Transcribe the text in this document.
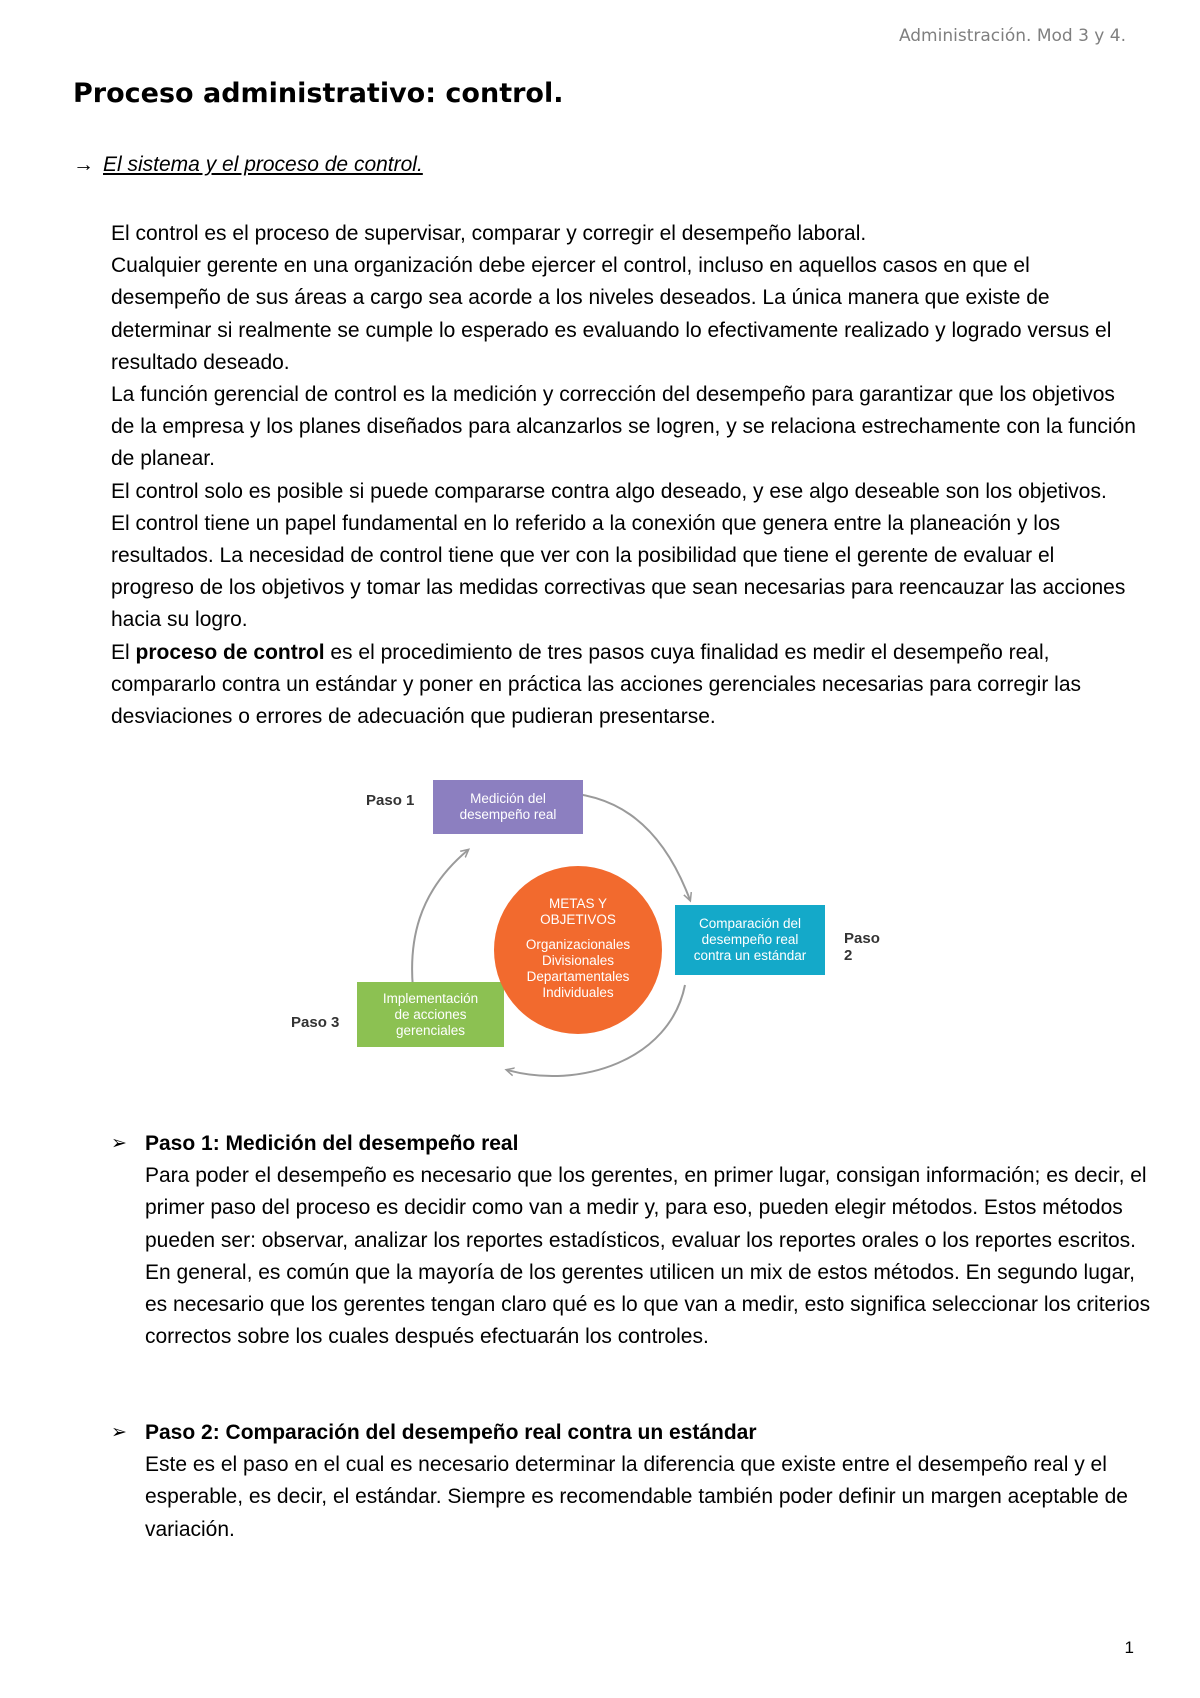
Administración. Mod 3 y 4.
Proceso administrativo: control.
→ El sistema y el proceso de control.

El control es el proceso de supervisar, comparar y corregir el desempeño laboral.

Cualquier gerente en una organización debe ejercer el control, incluso en aquellos casos en que el desempeño de sus áreas a cargo sea acorde a los niveles deseados. La única manera que existe de determinar si realmente se cumple lo esperado es evaluando lo efectivamente realizado y logrado versus el resultado deseado.

La función gerencial de control es la medición y corrección del desempeño para garantizar que los objetivos de la empresa y los planes diseñados para alcanzarlos se logren, y se relaciona estrechamente con la función de planear.

El control solo es posible si puede compararse contra algo deseado, y ese algo deseable son los objetivos.

El control tiene un papel fundamental en lo referido a la conexión que genera entre la planeación y los resultados. La necesidad de control tiene que ver con la posibilidad que tiene el gerente de evaluar el progreso de los objetivos y tomar las medidas correctivas que sean necesarias para reencauzar las acciones hacia su logro.

El proceso de control es el procedimiento de tres pasos cuya finalidad es medir el desempeño real, compararlo contra un estándar y poner en práctica las acciones gerenciales necesarias para corregir las desviaciones o errores de adecuación que pudieran presentarse.

Paso 1	Medición del
desempeño real
Comparación del
desempeño real
contra un estándar
Paso 2
Paso 3
Implementación
de acciones
gerenciales
METAS Y
OBJETIVOS
Organizacionales
Divisionales
Departamentales
Individuales
➢ Paso 1: Medición del desempeño real

Para poder el desempeño es necesario que los gerentes, en primer lugar, consigan información; es decir, el primer paso del proceso es decidir como van a medir y, para eso, pueden elegir métodos. Estos métodos pueden ser: observar, analizar los reportes estadísticos, evaluar los reportes orales o los reportes escritos.

En general, es común que la mayoría de los gerentes utilicen un mix de estos métodos. En segundo lugar, es necesario que los gerentes tengan claro qué es lo que van a medir, esto significa seleccionar los criterios correctos sobre los cuales después efectuarán los controles.

➢ Paso 2: Comparación del desempeño real contra un estándar

Este es el paso en el cual es necesario determinar la diferencia que existe entre el desempeño real y el esperable, es decir, el estándar. Siempre es recomendable también poder definir un margen aceptable de variación.

1
